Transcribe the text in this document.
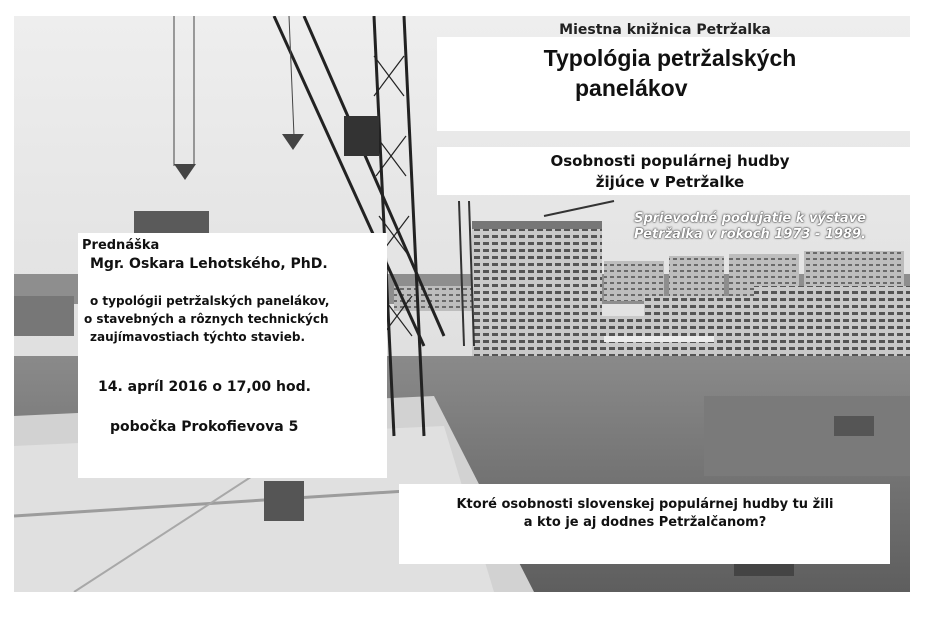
Miestna knižnica Petržalka

Typológia petržalských
panelákov
Osobnosti populárnej hudby
žijúce v Petržalke
Sprievodné podujatie k výstave
Petržalka v rokoch 1973 - 1989.

Prednáška

Mgr. Oskara Lehotského, PhD.

o typológii petržalských panelákov,

o stavebných a rôznych technických

zaujímavostiach týchto stavieb.

14. apríl 2016 o 17,00 hod.

pobočka Prokofievova 5

Ktoré osobnosti slovenskej populárnej hudby tu žili
a kto je aj dodnes Petržalčanom?
